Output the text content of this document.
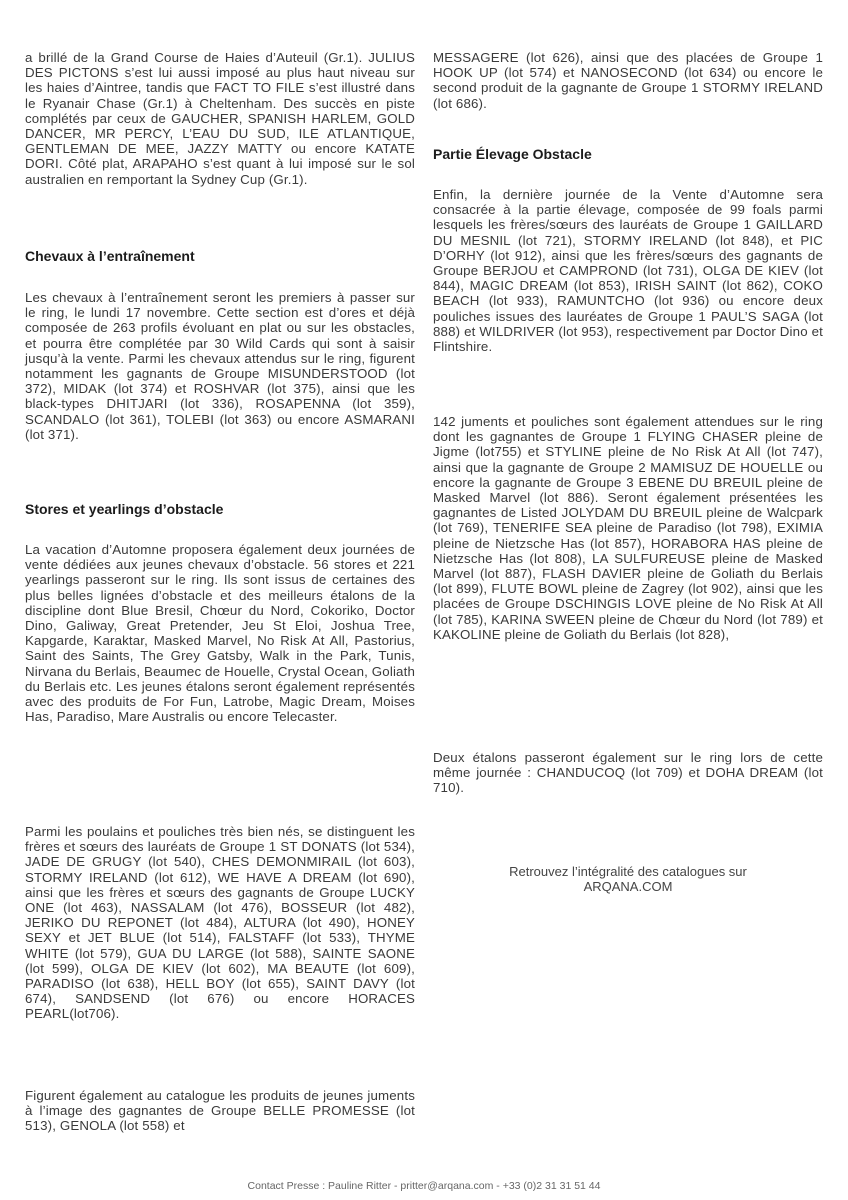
a brillé de la Grand Course de Haies d’Auteuil (Gr.1). JULIUS DES PICTONS s’est lui aussi imposé au plus haut niveau sur les haies d’Aintree, tandis que FACT TO FILE s’est illustré dans le Ryanair Chase (Gr.1) à Cheltenham. Des succès en piste complétés par ceux de GAUCHER, SPANISH HARLEM, GOLD DANCER, MR PERCY, L’EAU DU SUD, ILE ATLANTIQUE, GENTLEMAN DE MEE, JAZZY MATTY ou encore KATATE DORI. Côté plat, ARAPAHO s’est quant à lui imposé sur le sol australien en remportant la Sydney Cup (Gr.1).

Chevaux à l’entraînement

Les chevaux à l’entraînement seront les premiers à passer sur le ring, le lundi 17 novembre. Cette section est d’ores et déjà composée de 263 profils évoluant en plat ou sur les obstacles, et pourra être complétée par 30 Wild Cards qui sont à saisir jusqu’à la vente. Parmi les chevaux attendus sur le ring, figurent notamment les gagnants de Groupe MISUNDERSTOOD (lot 372), MIDAK (lot 374) et ROSHVAR (lot 375), ainsi que les black-types DHITJARI (lot 336), ROSAPENNA (lot 359), SCANDALO (lot 361), TOLEBI (lot 363) ou encore ASMARANI (lot 371).

Stores et yearlings d’obstacle

La vacation d’Automne proposera également deux journées de vente dédiées aux jeunes chevaux d’obstacle. 56 stores et 221 yearlings passeront sur le ring. Ils sont issus de certaines des plus belles lignées d’obstacle et des meilleurs étalons de la discipline dont Blue Bresil, Chœur du Nord, Cokoriko, Doctor Dino, Galiway, Great Pretender, Jeu St Eloi, Joshua Tree, Kapgarde, Karaktar, Masked Marvel, No Risk At All, Pastorius, Saint des Saints, The Grey Gatsby, Walk in the Park, Tunis, Nirvana du Berlais, Beaumec de Houelle, Crystal Ocean, Goliath du Berlais etc. Les jeunes étalons seront également représentés avec des produits de For Fun, Latrobe, Magic Dream, Moises Has, Paradiso, Mare Australis ou encore Telecaster.

Parmi les poulains et pouliches très bien nés, se distinguent les frères et sœurs des lauréats de Groupe 1 ST DONATS (lot 534), JADE DE GRUGY (lot 540), CHES DEMONMIRAIL (lot 603), STORMY IRELAND (lot 612), WE HAVE A DREAM (lot 690), ainsi que les frères et sœurs des gagnants de Groupe LUCKY ONE (lot 463), NASSALAM (lot 476), BOSSEUR (lot 482), JERIKO DU REPONET (lot 484), ALTURA (lot 490), HONEY SEXY et JET BLUE (lot 514), FALSTAFF (lot 533), THYME WHITE (lot 579), GUA DU LARGE (lot 588), SAINTE SAONE (lot 599), OLGA DE KIEV (lot 602), MA BEAUTE (lot 609), PARADISO (lot 638), HELL BOY (lot 655), SAINT DAVY (lot 674), SANDSEND (lot 676) ou encore HORACES PEARL(lot706).

Figurent également au catalogue les produits de jeunes juments à l’image des gagnantes de Groupe BELLE PROMESSE (lot 513), GENOLA (lot 558) et

MESSAGERE (lot 626), ainsi que des placées de Groupe 1 HOOK UP (lot 574) et NANOSECOND (lot 634) ou encore le second produit de la gagnante de Groupe 1 STORMY IRELAND (lot 686).

Partie Élevage Obstacle

Enfin, la dernière journée de la Vente d’Automne sera consacrée à la partie élevage, composée de 99 foals parmi lesquels les frères/sœurs des lauréats de Groupe 1 GAILLARD DU MESNIL (lot 721), STORMY IRELAND (lot 848), et PIC D’ORHY (lot 912), ainsi que les frères/sœurs des gagnants de Groupe BERJOU et CAMPROND (lot 731), OLGA DE KIEV (lot 844), MAGIC DREAM (lot 853), IRISH SAINT (lot 862), COKO BEACH (lot 933), RAMUNTCHO (lot 936) ou encore deux pouliches issues des lauréates de Groupe 1 PAUL’S SAGA (lot 888) et WILDRIVER (lot 953), respectivement par Doctor Dino et Flintshire.

142 juments et pouliches sont également attendues sur le ring dont les gagnantes de Groupe 1 FLYING CHASER pleine de Jigme (lot755) et STYLINE pleine de No Risk At All (lot 747), ainsi que la gagnante de Groupe 2 MAMISUZ DE HOUELLE ou encore la gagnante de Groupe 3 EBENE DU BREUIL pleine de Masked Marvel (lot 886). Seront également présentées les gagnantes de Listed JOLYDAM DU BREUIL pleine de Walcpark (lot 769), TENERIFE SEA pleine de Paradiso (lot 798), EXIMIA pleine de Nietzsche Has (lot 857), HORABORA HAS pleine de Nietzsche Has (lot 808), LA SULFUREUSE pleine de Masked Marvel (lot 887), FLASH DAVIER pleine de Goliath du Berlais (lot 899), FLUTE BOWL pleine de Zagrey (lot 902), ainsi que les placées de Groupe DSCHINGIS LOVE pleine de No Risk At All (lot 785), KARINA SWEEN pleine de Chœur du Nord (lot 789) et KAKOLINE pleine de Goliath du Berlais (lot 828),

Deux étalons passeront également sur le ring lors de cette même journée : CHANDUCOQ (lot 709) et DOHA DREAM (lot 710).

Retrouvez l’intégralité des catalogues sur
ARQANA.COM
Contact Presse : Pauline Ritter - pritter@arqana.com - +33 (0)2 31 31 51 44
